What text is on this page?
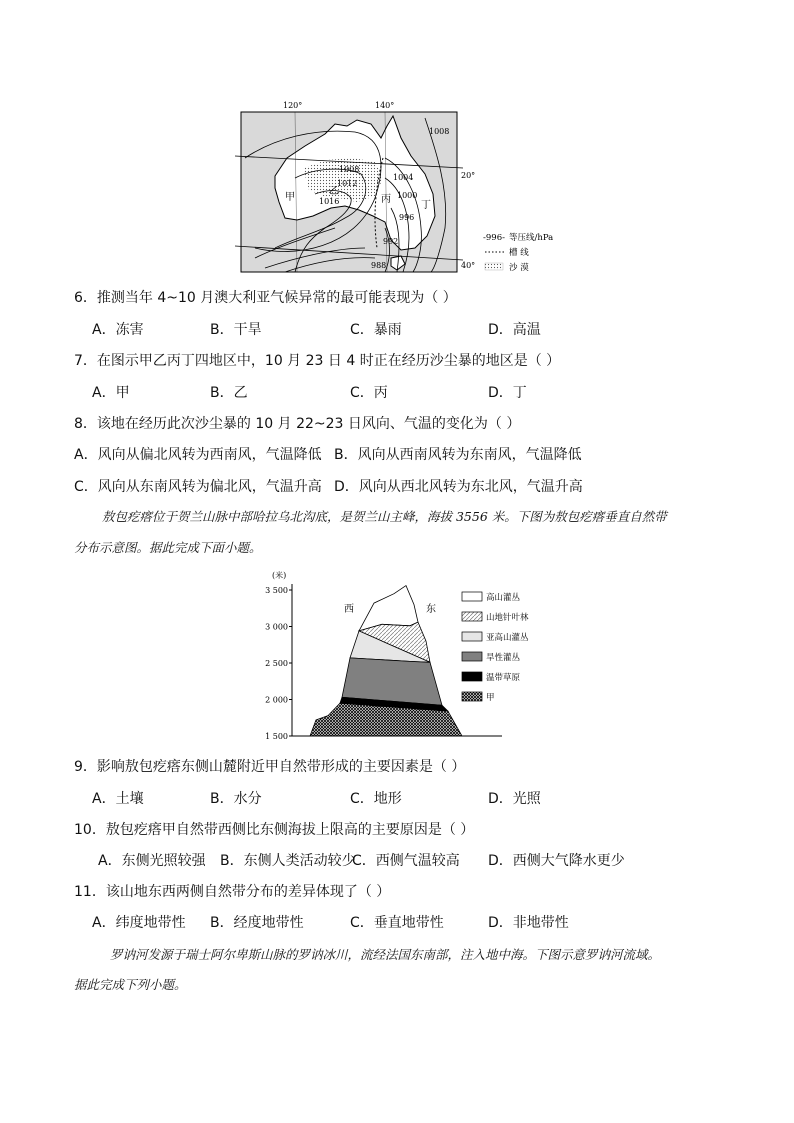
120°	140°
20°
40°
1008
1008
1012
1016
1004
1000
996
992
988
甲
乙
丙
丁
-996- 等压线/hPa
槽 线
沙 漠
6．推测当年 4~10 月澳大利亚气候异常的最可能表现为（ ）
A．冻害	B．干旱	C．暴雨	D．高温
7．在图示甲乙丙丁四地区中，10 月 23 日 4 时正在经历沙尘暴的地区是（ ）
A．甲	B．乙	C．丙	D．丁
8．该地在经历此次沙尘暴的 10 月 22~23 日风向、气温的变化为（ ）
A．风向从偏北风转为西南风，气温降低 B．风向从西南风转为东南风，气温降低
C．风向从东南风转为偏北风，气温升高 D．风向从西北风转为东北风，气温升高
敖包疙瘩位于贺兰山脉中部哈拉乌北沟底，是贺兰山主峰，海拔 3556 米。下图为敖包疙瘩垂直自然带
分布示意图。据此完成下面小题。
3 500
3 000
2 500
2 000
1 500
高山灌丛
山地针叶林
亚高山灌丛
旱性灌丛
温带草原
甲
西	东
(米)
9．影响敖包疙瘩东侧山麓附近甲自然带形成的主要因素是（ ）
A．土壤	B．水分	C．地形	D．光照
10．敖包疙瘩甲自然带西侧比东侧海拔上限高的主要原因是（ ）
A．东侧光照较强 B．东侧人类活动较少
C．西侧气温较高 D．西侧大气降水更少
11．该山地东西两侧自然带分布的差异体现了（ ）
A．纬度地带性 B．经度地带性	C．垂直地带性	D．非地带性
罗讷河发源于瑞士阿尔卑斯山脉的罗讷冰川，流经法国东南部，注入地中海。下图示意罗讷河流域。
据此完成下列小题。
